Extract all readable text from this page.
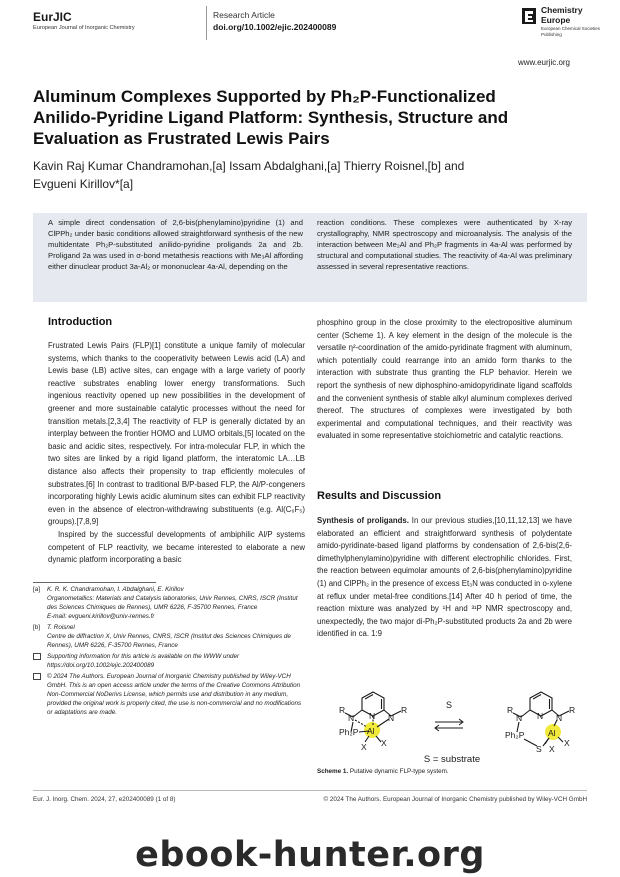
EurJIC
European Journal of Inorganic Chemistry
Research Article
doi.org/10.1002/ejic.202400089
Chemistry
Europe
European Chemical Societies Publishing
www.eurjic.org
Aluminum Complexes Supported by Ph₂P-Functionalized
Anilido-Pyridine Ligand Platform: Synthesis, Structure and
Evaluation as Frustrated Lewis Pairs
Kavin Raj Kumar Chandramohan,[a] Issam Abdalghani,[a] Thierry Roisnel,[b] and
Evgueni Kirillov*[a]
A simple direct condensation of 2,6-bis(phenylamino)pyridine (1) and ClPPh₂ under basic conditions allowed straightforward synthesis of the new multidentate Ph₂P-substituted anilido-pyridine proligands 2a and 2b. Proligand 2a was used in σ-bond metathesis reactions with Me₃Al affording either dinuclear product 3a-Al₂ or mononuclear 4a-Al, depending on the
reaction conditions. These complexes were authenticated by X-ray crystallography, NMR spectroscopy and microanalysis. The analysis of the interaction between Me₂Al and Ph₂P fragments in 4a-Al was performed by structural and computational studies. The reactivity of 4a-Al was preliminary assessed in several representative reactions.
Introduction

Frustrated Lewis Pairs (FLP)[1] constitute a unique family of molecular systems, which thanks to the cooperativity between Lewis acid (LA) and Lewis base (LB) active sites, can engage with a large variety of poorly reactive substrates enabling lower energy transformations. Such ingenious reactivity opened up new possibilities in the development of greener and more sustainable catalytic processes without the need for transition metals.[2,3,4] The reactivity of FLP is generally dictated by an interplay between the frontier HOMO and LUMO orbitals,[5] located on the basic and acidic sites, respectively. For intra-molecular FLP, in which the two sites are linked by a rigid ligand platform, the interatomic LA…LB distance also affects their propensity to trap efficiently molecules of substrates.[6] In contrast to traditional B/P-based FLP, the Al/P-congeners incorporating highly Lewis acidic aluminum sites can exhibit FLP reactivity even in the absence of electron-withdrawing substituents (e.g. Al(C₆F₅) groups).[7,8,9]

Inspired by the successful developments of ambiphilic Al/P systems competent of FLP reactivity, we became interested to elaborate a new dynamic platform incorporating a basic

phosphino group in the close proximity to the electropositive aluminum center (Scheme 1). A key element in the design of the molecule is the versatile η²-coordination of the amido-pyridinate fragment with aluminum, which potentially could rearrange into an amido form thanks to the interaction with substrate thus granting the FLP behavior. Herein we report the synthesis of new diphosphino-amidopyridinate ligand scaffolds and the convenient synthesis of stable alkyl aluminum complexes derived thereof. The structures of complexes were investigated by both experimental and computational techniques, and their reactivity was evaluated in some representative stoichiometric and catalytic reactions.
Results and Discussion

Synthesis of proligands. In our previous studies,[10,11,12,13] we have elaborated an efficient and straightforward synthesis of polydentate amido-pyridinate-based ligand platforms by condensation of 2,6-bis(2,6-dimethylphenylamino)pyridine with different electrophilic chlorides. First, the reaction between equimolar amounts of 2,6-bis(phenylamino)pyridine (1) and ClPPh₂ in the presence of excess Et₃N was conducted in o-xylene at reflux under metal-free conditions.[14] After 40 h period of time, the reaction mixture was analyzed by ¹H and ³¹P NMR spectroscopy and, unexpectedly, the two major di-Ph₂P-substituted products 2a and 2b were identified in ca. 1:9

[a] K. R. K. Chandramohan, I. Abdalghani, E. Kirillov
Organometallics: Materials and Catalysis laboratories, Univ Rennes, CNRS, ISCR (Institut des Sciences Chimiques de Rennes), UMR 6226, F-35700 Rennes, France
E-mail: evgueni.kirillov@univ-rennes.fr
[b] T. Roisnel
Centre de diffraction X, Univ Rennes, CNRS, ISCR (Institut des Sciences Chimiques de Rennes), UMR 6226, F-35700 Rennes, France
Supporting information for this article is available on the WWW under https://doi.org/10.1002/ejic.202400089
© 2024 The Authors. European Journal of Inorganic Chemistry published by Wiley-VCH GmbH. This is an open access article under the terms of the Creative Commons Attribution Non-Commercial NoDerivs License, which permits use and distribution in any medium, provided the original work is properly cited, the use is non-commercial and no modifications or adaptations are made.	R
N N N
R
Ph₂P Al
X X
S	R
N N N
R
Ph₂P	Al
S X
X
S = substrate
Scheme 1. Putative dynamic FLP-type system.
Eur. J. Inorg. Chem. 2024, 27, e202400089 (1 of 8)	© 2024 The Authors. European Journal of Inorganic Chemistry published by Wiley-VCH GmbH
ebook-hunter.org
